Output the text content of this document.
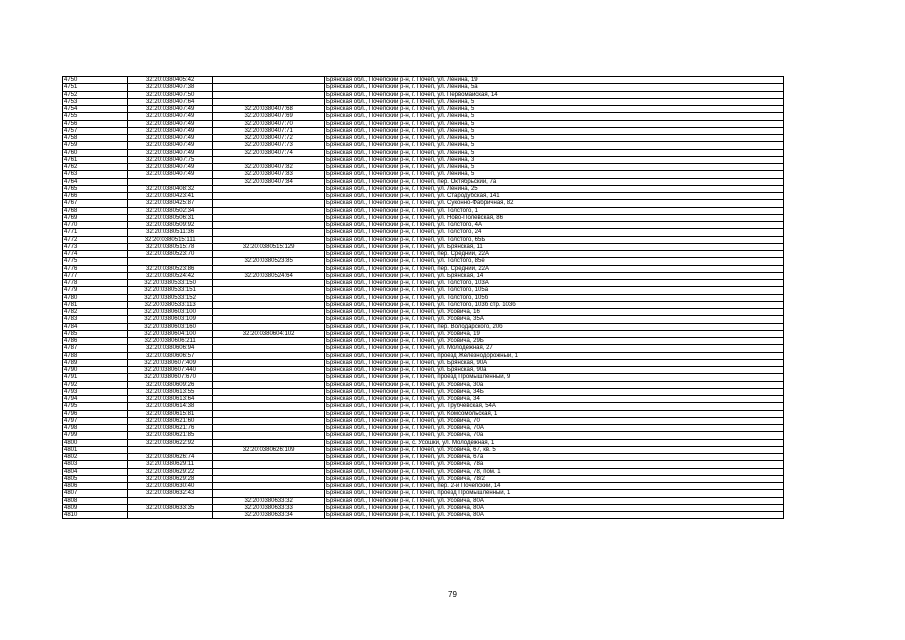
4750	32:20:0380405:42		Брянская обл., Почепский р-н, г. Почеп, ул. Ленина, 19
4751	32:20:0380407:38		Брянская обл., Почепский р-н, г. Почеп, ул. Ленина, 5а
4752	32:20:0380407:50		Брянская обл., Почепский р-н, г. Почеп, ул. Первомайская, 14
4753	32:20:0380407:64		Брянская обл., Почепский р-н, г. Почеп, ул. Ленина, 5
4754	32:20:0380407:49	32:20:0380407:68	Брянская обл., Почепский р-н, г. Почеп, ул. Ленина, 5
4755	32:20:0380407:49	32:20:0380407:69	Брянская обл., Почепский р-н, г. Почеп, ул. Ленина, 5
4756	32:20:0380407:49	32:20:0380407:70	Брянская обл., Почепский р-н, г. Почеп, ул. Ленина, 5
4757	32:20:0380407:49	32:20:0380407:71	Брянская обл., Почепский р-н, г. Почеп, ул. Ленина, 5
4758	32:20:0380407:49	32:20:0380407:72	Брянская обл., Почепский р-н, г. Почеп, ул. Ленина, 5
4759	32:20:0380407:49	32:20:0380407:73	Брянская обл., Почепский р-н, г. Почеп, ул. Ленина, 5
4760	32:20:0380407:49	32:20:0380407:74	Брянская обл., Почепский р-н, г. Почеп, ул. Ленина, 5
4761	32:20:0380407:75		Брянская обл., Почепский р-н, г. Почеп, ул. Ленина, 3
4762	32:20:0380407:49	32:20:0380407:82	Брянская обл., Почепский р-н, г. Почеп, ул. Ленина, 5
4763	32:20:0380407:49	32:20:0380407:83	Брянская обл., Почепский р-н, г. Почеп, ул. Ленина, 5
4764		32:20:0380407:84	Брянская обл., Почепский р-н, г. Почеп, пер. Октябрьский, 7а
4765	32:20:0380408:32		Брянская обл., Почепский р-н, г. Почеп, ул. Ленина, 25
4766	32:20:0380423:41		Брянская обл., Почепский р-н, г. Почеп, ул. Стародубская, 141
4767	32:20:0380425:87		Брянская обл., Почепский р-н, г. Почеп, ул. Суконно-Фабричная, 82
4768	32:20:0380502:34		Брянская обл., Почепский р-н, г. Почеп, ул. Толстого, 1
4769	32:20:0380506:31		Брянская обл., Почепский р-н, г. Почеп, ул. Ново-Полевская, 86
4770	32:20:0380509:92		Брянская обл., Почепский р-н, г. Почеп, ул. Толстого, 4А
4771	32:20:0380511:36		Брянская обл., Почепский р-н, г. Почеп, ул. Толстого, 24
4772	32:20:0380515:111		Брянская обл., Почепский р-н, г. Почеп, ул. Толстого, 65Б
4773	32:20:0380515:78	32:20:0380515:129	Брянская обл., Почепский р-н, г. Почеп, ул. Брянская, 11
4774	32:20:0380523:70		Брянская обл., Почепский р-н, г. Почеп, пер. Средний, 22А
4775		32:20:0380523:85	Брянская обл., Почепский р-н, г. Почеп, ул. Толстого, 85е
4776	32:20:0380523:86		Брянская обл., Почепский р-н, г. Почеп, пер. Средний, 22А
4777	32:20:0380524:42	32:20:0380524:64	Брянская обл., Почепский р-н, г. Почеп, ул. Брянская, 14
4778	32:20:0380533:150		Брянская обл., Почепский р-н, г. Почеп, ул. Толстого, 103А
4779	32:20:0380533:151		Брянская обл., Почепский р-н, г. Почеп, ул. Толстого, 105а
4780	32:20:0380533:152		Брянская обл., Почепский р-н, г. Почеп, ул. Толстого, 105б
4781	32:20:0380533:113		Брянская обл., Почепский р-н, г. Почеп, ул. Толстого, 103б стр. 103б
4782	32:20:0380603:100		Брянская обл., Почепский р-н, г. Почеп, ул. Усовича, 16
4783	32:20:0380603:109		Брянская обл., Почепский р-н, г. Почеп, ул. Усовича, 35А
4784	32:20:0380603:160		Брянская обл., Почепский р-н, г. Почеп, пер. Володарского, 20б
4785	32:20:0380604:100	32:20:0380604:102	Брянская обл., Почепский р-н, г. Почеп, ул. Усовича, 19
4786	32:20:0380606:211		Брянская обл., Почепский р-н, г. Почеп, ул. Усовича, 29Б
4787	32:20:0380606:94		Брянская обл., Почепский р-н, г. Почеп, ул. Молодежная, 27
4788	32:20:0380606:57		Брянская обл., Почепский р-н, г. Почеп, проезд Железнодорожный, 1
4789	32:20:0380607:409		Брянская обл., Почепский р-н, г. Почеп, ул. Брянская, 90А
4790	32:20:0380607:440		Брянская обл., Почепский р-н, г. Почеп, ул. Брянская, 90а
4791	32:20:0380607:670		Брянская обл., Почепский р-н, г. Почеп, проезд Промышленный, 9
4792	32:20:0380609:26		Брянская обл., Почепский р-н, г. Почеп, ул. Усовича, 30а
4793	32:20:0380613:55		Брянская обл., Почепский р-н, г. Почеп, ул. Усовича, 34Б
4794	32:20:0380613:64		Брянская обл., Почепский р-н, г. Почеп, ул. Усовича, 34
4795	32:20:0380614:38		Брянская обл., Почепский р-н, г. Почеп, ул. Трубчевская, 54А
4796	32:20:0380615:81		Брянская обл., Почепский р-н, г. Почеп, ул. Комсомольская, 1
4797	32:20:0380621:60		Брянская обл., Почепский р-н, г. Почеп, ул. Усовича, 70
4798	32:20:0380621:76		Брянская обл., Почепский р-н, г. Почеп, ул. Усовича, 70А
4799	32:20:0380621:85		Брянская обл., Почепский р-н, г. Почеп, ул. Усовича, 70а
4800	32:20:0380622:92		Брянская обл., Почепский р-н, с. Усошки, ул. Молодежная, 1
4801		32:20:0380626:109	Брянская обл., Почепский р-н, г. Почеп, ул. Усовича, 67, кв. 5
4802	32:20:0380626:74		Брянская обл., Почепский р-н, г. Почеп, ул. Усовича, 67а
4803	32:20:0380629:11		Брянская обл., Почепский р-н, г. Почеп, ул. Усовича, 78а
4804	32:20:0380629:22		Брянская обл., Почепский р-н, г. Почеп, ул. Усовича, 78, пом. 1
4805	32:20:0380629:28		Брянская обл., Почепский р-н, г. Почеп, ул. Усовича, 78/2
4806	32:20:0380630:40		Брянская обл., Почепский р-н, г. Почеп, пер. 2-й Почепский, 14
4807	32:20:0380632:43		Брянская обл., Почепский р-н, г. Почеп, проезд Промышленный, 1
4808		32:20:0380633:32	Брянская обл., Почепский р-н, г. Почеп, ул. Усовича, 80А
4809	32:20:0380633:35	32:20:0380633:33	Брянская обл., Почепский р-н, г. Почеп, ул. Усовича, 80А
4810		32:20:0380633:34	Брянская обл., Почепский р-н, г. Почеп, ул. Усовича, 80А
79
